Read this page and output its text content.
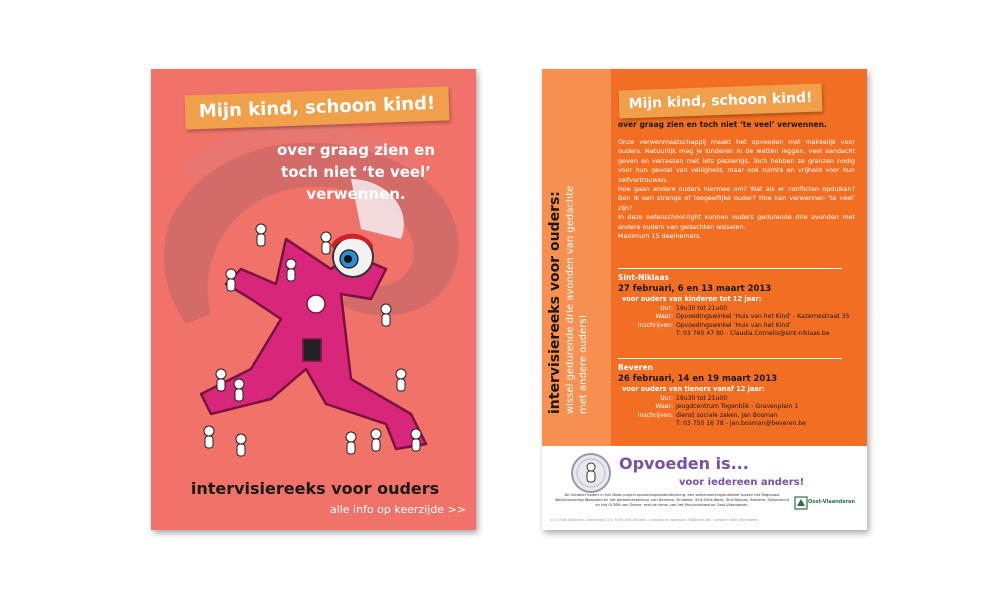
Mijn kind, schoon kind!
over graag zien en
toch niet ‘te veel’ verwennen.
intervisiereeks voor ouders
alle info op keerzijde >>
intervisiereeks voor ouders: wissel gedurende drie avonden van gedachte met andere ouders!
Mijn kind, schoon kind!
over graag zien en toch niet ‘te veel’ verwennen.

Onze verwenmaatschappij maakt het opvoeden niet makkelijk voor ouders. Natuurlijk mag je kinderen in de watten leggen, veel aandacht geven en verrassen met iets plezierigs. Toch hebben ze grenzen nodig voor hun gevoel van veiligheid, maar ook ruimte en vrijheid voor hun zelfvertrouwen.

Hoe gaan andere ouders hiermee om? Wat als er conflicten opduiken? Ben ik een strenge of toegeeflijke ouder? Hoe kan verwennen ‘te veel’ zijn?

In deze oefenschool-light kunnen ouders gedurende drie avonden met andere ouders van gedachten wisselen.

Maximum 15 deelnemers.

Sint-Niklaas
27 februari, 6 en 13 maart 2013
voor ouders van kinderen tot 12 jaar:
Uur:	19u30 tot 21u00
Waar:	Opvoedingswinkel ‘Huis van het Kind’ - Kazernestraat 35
Inschrijven:	Opvoedingswinkel ‘Huis van het Kind’
	T: 03 760 47 90 - Claudia.Cornelis@sint-niklaas.be
Beveren
26 februari, 14 en 19 maart 2013
voor ouders van tieners vanaf 12 jaar:
Uur:	19u30 tot 21u00
Waar:	Jeugdcentrum Togenblik - Gravenplein 1
Inschrijven:	dienst sociale zaken, Jan Bosman
	T: 03 750 16 78 - jan.bosman@beveren.be
Opvoeden is...
voor iedereen anders!
Dit initiatief kadert in het Waas project opvoedingsondersteuning, een samenwerkingsinitiatief tussen het Regionaal Welzijnsoverleg Waasland en het gemeentebestuur van Beveren, Kruibeke, Sint-Gillis-Waas, Sint-Niklaas, Stekene, Zwijndrecht en het OCMW van Temse, met de steun van het Provinciebestuur Oost-Vlaanderen.	Oost-Vlaanderen
V.U.: Roel Wollants, Lamstraat 113, 9100 Sint-Niklaas - concept en opmaak: FABworks.be - cartoon: Koen Reynaerts
